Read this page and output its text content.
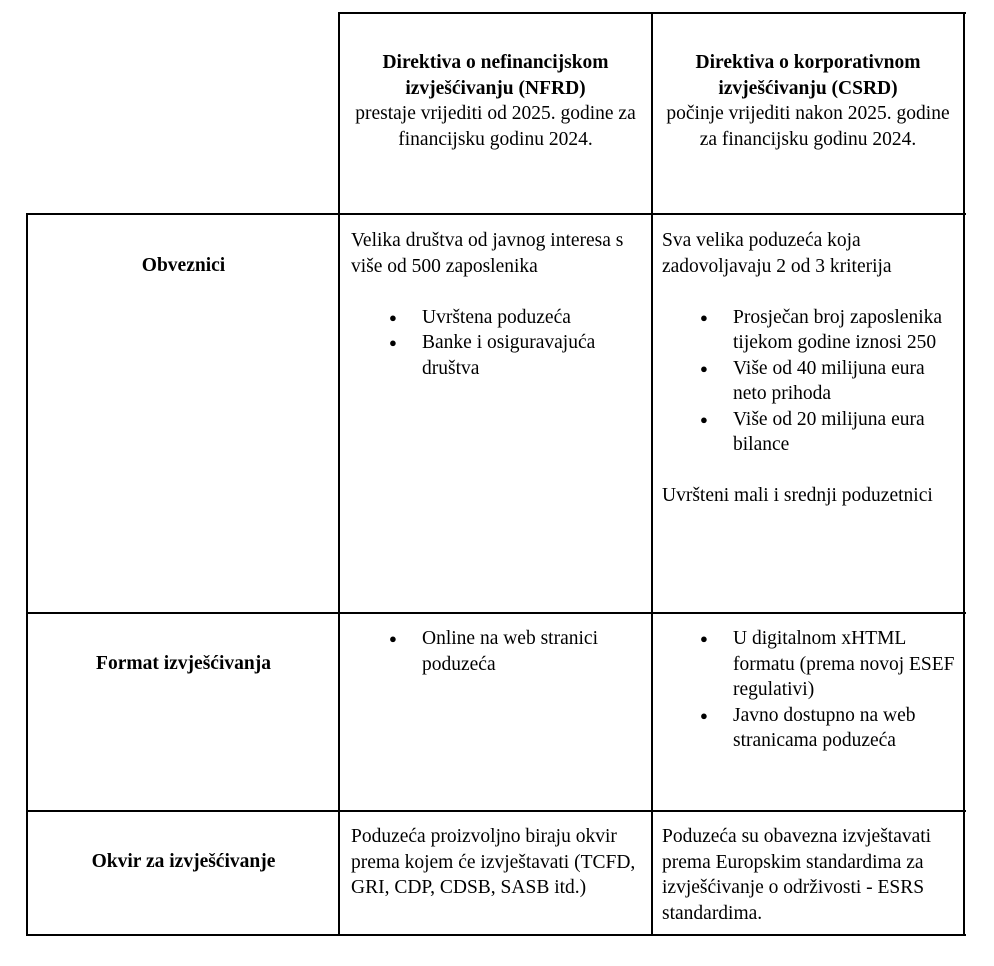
Direktiva o nefinancijskom izvješćivanju (NFRD)
prestaje vrijediti od 2025. godine za financijsku godinu 2024.
Direktiva o korporativnom izvješćivanju (CSRD)
počinje vrijediti nakon 2025. godine za financijsku godinu 2024.
Obveznici

Velika društva od javnog interesa s više od 500 zaposlenika

● Uvrštena poduzeća
● Banke i osiguravajuća društva

Sva velika poduzeća koja zadovoljavaju 2 od 3 kriterija

● Prosječan broj zaposlenika tijekom godine iznosi 250
● Više od 40 milijuna eura neto prihoda
● Više od 20 milijuna eura bilance

Uvršteni mali i srednji poduzetnici

Format izvješćivanja
● Online na web stranici poduzeća
● U digitalnom xHTML formatu (prema novoj ESEF regulativi)
● Javno dostupno na web stranicama poduzeća
Okvir za izvješćivanje

Poduzeća proizvoljno biraju okvir prema kojem će izvještavati (TCFD, GRI, CDP, CDSB, SASB itd.)

Poduzeća su obavezna izvještavati prema Europskim standardima za izvješćivanje o održivosti - ESRS standardima.
